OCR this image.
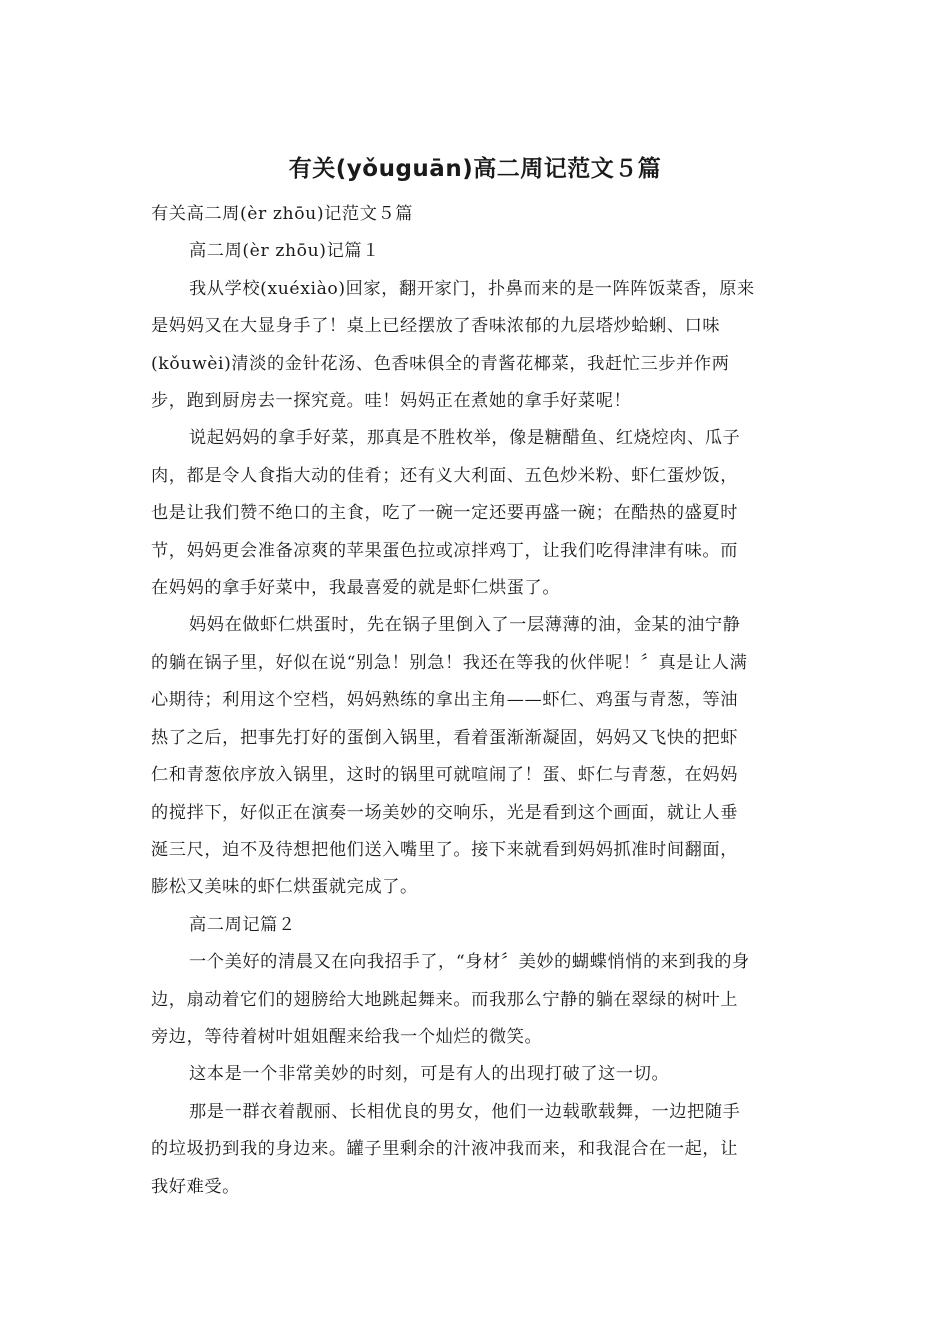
有关(yǒuguān)高二周记范文５篇

有关高二周(èr zhōu)记范文５篇

高二周(èr zhōu)记篇１

我从学校(xuéxiào)回家，翻开家门，扑鼻而来的是一阵阵饭菜香，原来

是妈妈又在大显身手了！桌上已经摆放了香味浓郁的九层塔炒蛤蜊、口味

(kǒuwèi)清淡的金针花汤、色香味俱全的青酱花椰菜，我赶忙三步并作两

步，跑到厨房去一探究竟。哇！妈妈正在煮她的拿手好菜呢！

说起妈妈的拿手好菜，那真是不胜枚举，像是糖醋鱼、红烧焢肉、瓜子

肉，都是令人食指大动的佳肴；还有义大利面、五色炒米粉、虾仁蛋炒饭，

也是让我们赞不绝口的主食，吃了一碗一定还要再盛一碗；在酷热的盛夏时

节，妈妈更会准备凉爽的苹果蛋色拉或凉拌鸡丁，让我们吃得津津有味。而

在妈妈的拿手好菜中，我最喜爱的就是虾仁烘蛋了。

妈妈在做虾仁烘蛋时，先在锅子里倒入了一层薄薄的油，金某的油宁静

的躺在锅子里，好似在说“别急！别急！我还在等我的伙伴呢！〞真是让人满

心期待；利用这个空档，妈妈熟练的拿出主角——虾仁、鸡蛋与青葱，等油

热了之后，把事先打好的蛋倒入锅里，看着蛋渐渐凝固，妈妈又飞快的把虾

仁和青葱依序放入锅里，这时的锅里可就喧闹了！蛋、虾仁与青葱，在妈妈

的搅拌下，好似正在演奏一场美妙的交响乐，光是看到这个画面，就让人垂

涎三尺，迫不及待想把他们送入嘴里了。接下来就看到妈妈抓准时间翻面，

膨松又美味的虾仁烘蛋就完成了。

高二周记篇２

一个美好的清晨又在向我招手了，“身材〞美妙的蝴蝶悄悄的来到我的身

边，扇动着它们的翅膀给大地跳起舞来。而我那么宁静的躺在翠绿的树叶上

旁边，等待着树叶姐姐醒来给我一个灿烂的微笑。

这本是一个非常美妙的时刻，可是有人的出现打破了这一切。

那是一群衣着靓丽、长相优良的男女，他们一边载歌载舞，一边把随手

的垃圾扔到我的身边来。罐子里剩余的汁液冲我而来，和我混合在一起，让

我好难受。
